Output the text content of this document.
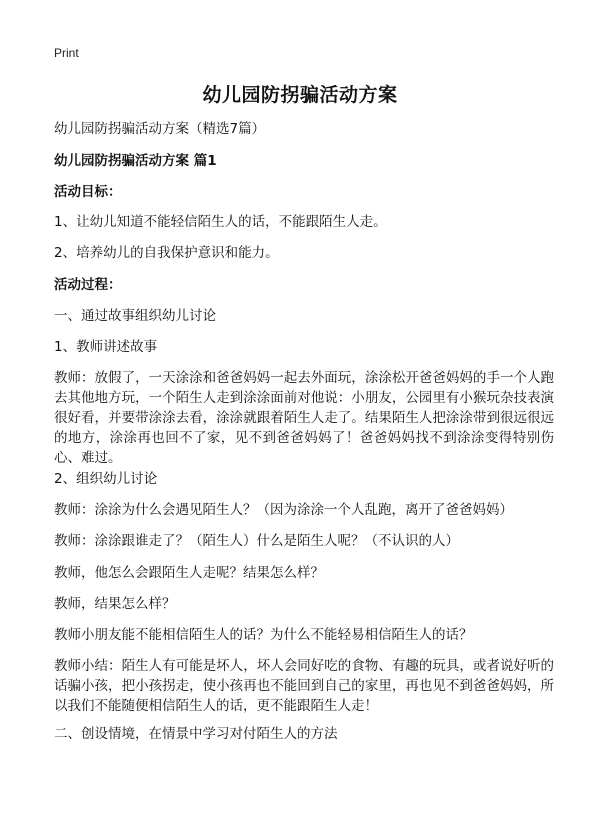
Print
幼儿园防拐骗活动方案
幼儿园防拐骗活动方案（精选7篇）
幼儿园防拐骗活动方案 篇1
活动目标：
1、让幼儿知道不能轻信陌生人的话，不能跟陌生人走。
2、培养幼儿的自我保护意识和能力。
活动过程：
一、通过故事组织幼儿讨论
1、教师讲述故事
教师：放假了，一天涂涂和爸爸妈妈一起去外面玩，涂涂松开爸爸妈妈的手一个人跑去其他地方玩，一个陌生人走到涂涂面前对他说：小朋友，公园里有小猴玩杂技表演很好看，并要带涂涂去看，涂涂就跟着陌生人走了。结果陌生人把涂涂带到很远很远的地方，涂涂再也回不了家，见不到爸爸妈妈了！爸爸妈妈找不到涂涂变得特别伤心、难过。
2、组织幼儿讨论
教师：涂涂为什么会遇见陌生人？（因为涂涂一个人乱跑，离开了爸爸妈妈）
教师：涂涂跟谁走了？（陌生人）什么是陌生人呢？（不认识的人）
教师，他怎么会跟陌生人走呢？结果怎么样？
教师，结果怎么样？
教师小朋友能不能相信陌生人的话？为什么不能轻易相信陌生人的话？
教师小结：陌生人有可能是坏人，坏人会同好吃的食物、有趣的玩具，或者说好听的话骗小孩，把小孩拐走，使小孩再也不能回到自己的家里，再也见不到爸爸妈妈，所以我们不能随便相信陌生人的话，更不能跟陌生人走！
二、创设情境，在情景中学习对付陌生人的方法
